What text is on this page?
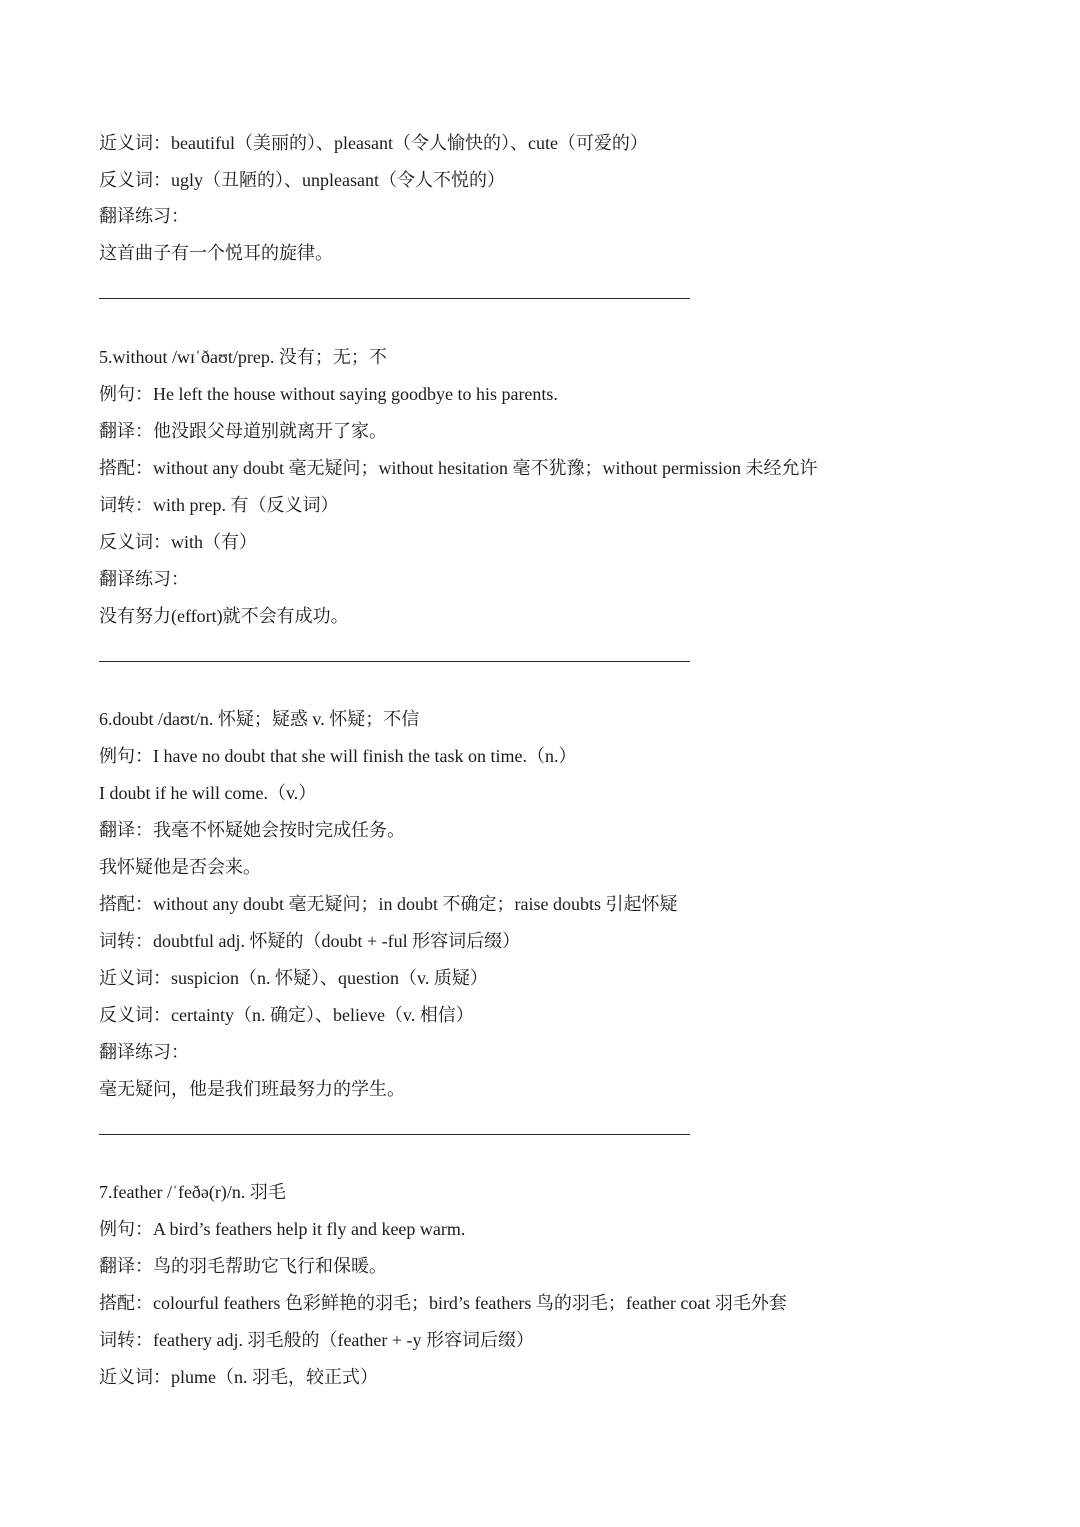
近义词：beautiful（美丽的）、pleasant（令人愉快的）、cute（可爱的）
反义词：ugly（丑陋的）、unpleasant（令人不悦的）
翻译练习：
这首曲子有一个悦耳的旋律。
5.without /wɪˈðaʊt/prep. 没有；无；不
例句：He left the house without saying goodbye to his parents.
翻译：他没跟父母道别就离开了家。
搭配：without any doubt 毫无疑问；without hesitation 毫不犹豫；without permission 未经允许
词转：with prep. 有（反义词）
反义词：with（有）
翻译练习：
没有努力(effort)就不会有成功。
6.doubt /daʊt/n. 怀疑；疑惑 v. 怀疑；不信
例句：I have no doubt that she will finish the task on time.（n.）
I doubt if he will come.（v.）
翻译：我毫不怀疑她会按时完成任务。
我怀疑他是否会来。
搭配：without any doubt 毫无疑问；in doubt 不确定；raise doubts 引起怀疑
词转：doubtful adj. 怀疑的（doubt + -ful 形容词后缀）
近义词：suspicion（n. 怀疑）、question（v. 质疑）
反义词：certainty（n. 确定）、believe（v. 相信）
翻译练习：
毫无疑问，他是我们班最努力的学生。
7.feather /ˈfeðə(r)/n. 羽毛
例句：A bird’s feathers help it fly and keep warm.
翻译：鸟的羽毛帮助它飞行和保暖。
搭配：colourful feathers 色彩鲜艳的羽毛；bird’s feathers 鸟的羽毛；feather coat 羽毛外套
词转：feathery adj. 羽毛般的（feather + -y 形容词后缀）
近义词：plume（n. 羽毛，较正式）
